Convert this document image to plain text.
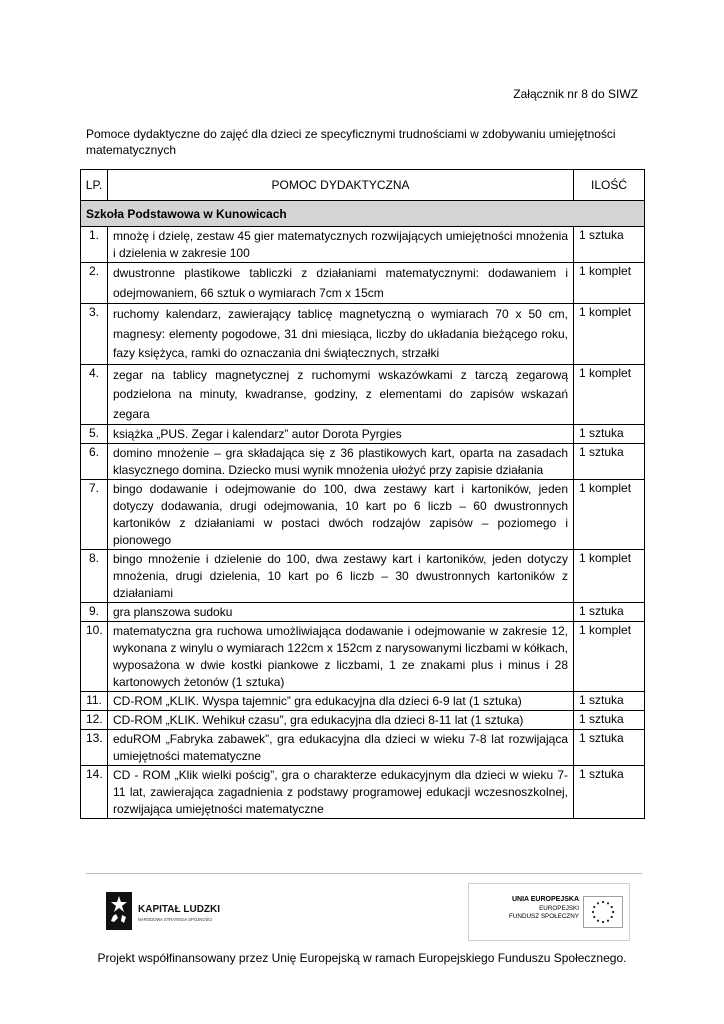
Załącznik nr 8 do SIWZ
Pomoce dydaktyczne do zajęć dla dzieci ze specyficznymi trudnościami w zdobywaniu umiejętności matematycznych
LP.	POMOC DYDAKTYCZNA	ILOŚĆ
Szkoła Podstawowa w Kunowicach		
1.	mnożę i dzielę, zestaw 45 gier matematycznych rozwijających umiejętności mnożenia i dzielenia w zakresie 100	1 sztuka
2.	dwustronne plastikowe tabliczki z działaniami matematycznymi: dodawaniem i odejmowaniem, 66 sztuk o wymiarach 7cm x 15cm	1 komplet
3.	ruchomy kalendarz, zawierający tablicę magnetyczną o wymiarach 70 x 50 cm, magnesy: elementy pogodowe, 31 dni miesiąca, liczby do układania bieżącego roku, fazy księżyca, ramki do oznaczania dni świątecznych, strzałki	1 komplet
4.	zegar na tablicy magnetycznej z ruchomymi wskazówkami z tarczą zegarową podzielona na minuty, kwadranse, godziny, z elementami do zapisów wskazań zegara	1 komplet
5.	książka „PUS. Zegar i kalendarz” autor Dorota Pyrgies	1 sztuka
6.	domino mnożenie – gra składająca się z 36 plastikowych kart, oparta na zasadach klasycznego domina. Dziecko musi wynik mnożenia ułożyć przy zapisie działania	1 sztuka
7.	bingo dodawanie i odejmowanie do 100, dwa zestawy kart i kartoników, jeden dotyczy dodawania, drugi odejmowania, 10 kart po 6 liczb – 60 dwustronnych kartoników z działaniami w postaci dwóch rodzajów zapisów – poziomego i pionowego	1 komplet
8.	bingo mnożenie i dzielenie do 100, dwa zestawy kart i kartoników, jeden dotyczy mnożenia, drugi dzielenia, 10 kart po 6 liczb – 30 dwustronnych kartoników z działaniami	1 komplet
9.	gra planszowa sudoku	1 sztuka
10.	matematyczna gra ruchowa umożliwiająca dodawanie i odejmowanie w zakresie 12, wykonana z winylu o wymiarach 122cm x 152cm z narysowanymi liczbami w kółkach, wyposażona w dwie kostki piankowe z liczbami, 1 ze znakami plus i minus i 28 kartonowych żetonów (1 sztuka)	1 komplet
11.	CD-ROM „KLIK. Wyspa tajemnic” gra edukacyjna dla dzieci 6-9 lat (1 sztuka)	1 sztuka
12.	CD-ROM „KLIK. Wehikuł czasu”, gra edukacyjna dla dzieci 8-11 lat (1 sztuka)	1 sztuka
13.	eduROM „Fabryka zabawek”, gra edukacyjna dla dzieci w wieku 7-8 lat rozwijająca umiejętności matematyczne	1 sztuka
14.	CD - ROM „Klik wielki pościg”, gra o charakterze edukacyjnym dla dzieci w wieku 7-11 lat, zawierająca zagadnienia z podstawy programowej edukacji wczesnoszkolnej, rozwijająca umiejętności matematyczne	1 sztuka
KAPITAŁ LUDZKI
NARODOWA STRATEGIA SPÓJNOŚCI
UNIA EUROPEJSKA
EUROPEJSKI
FUNDUSZ SPOŁECZNY
Projekt współfinansowany przez Unię Europejską w ramach Europejskiego Funduszu Społecznego.
